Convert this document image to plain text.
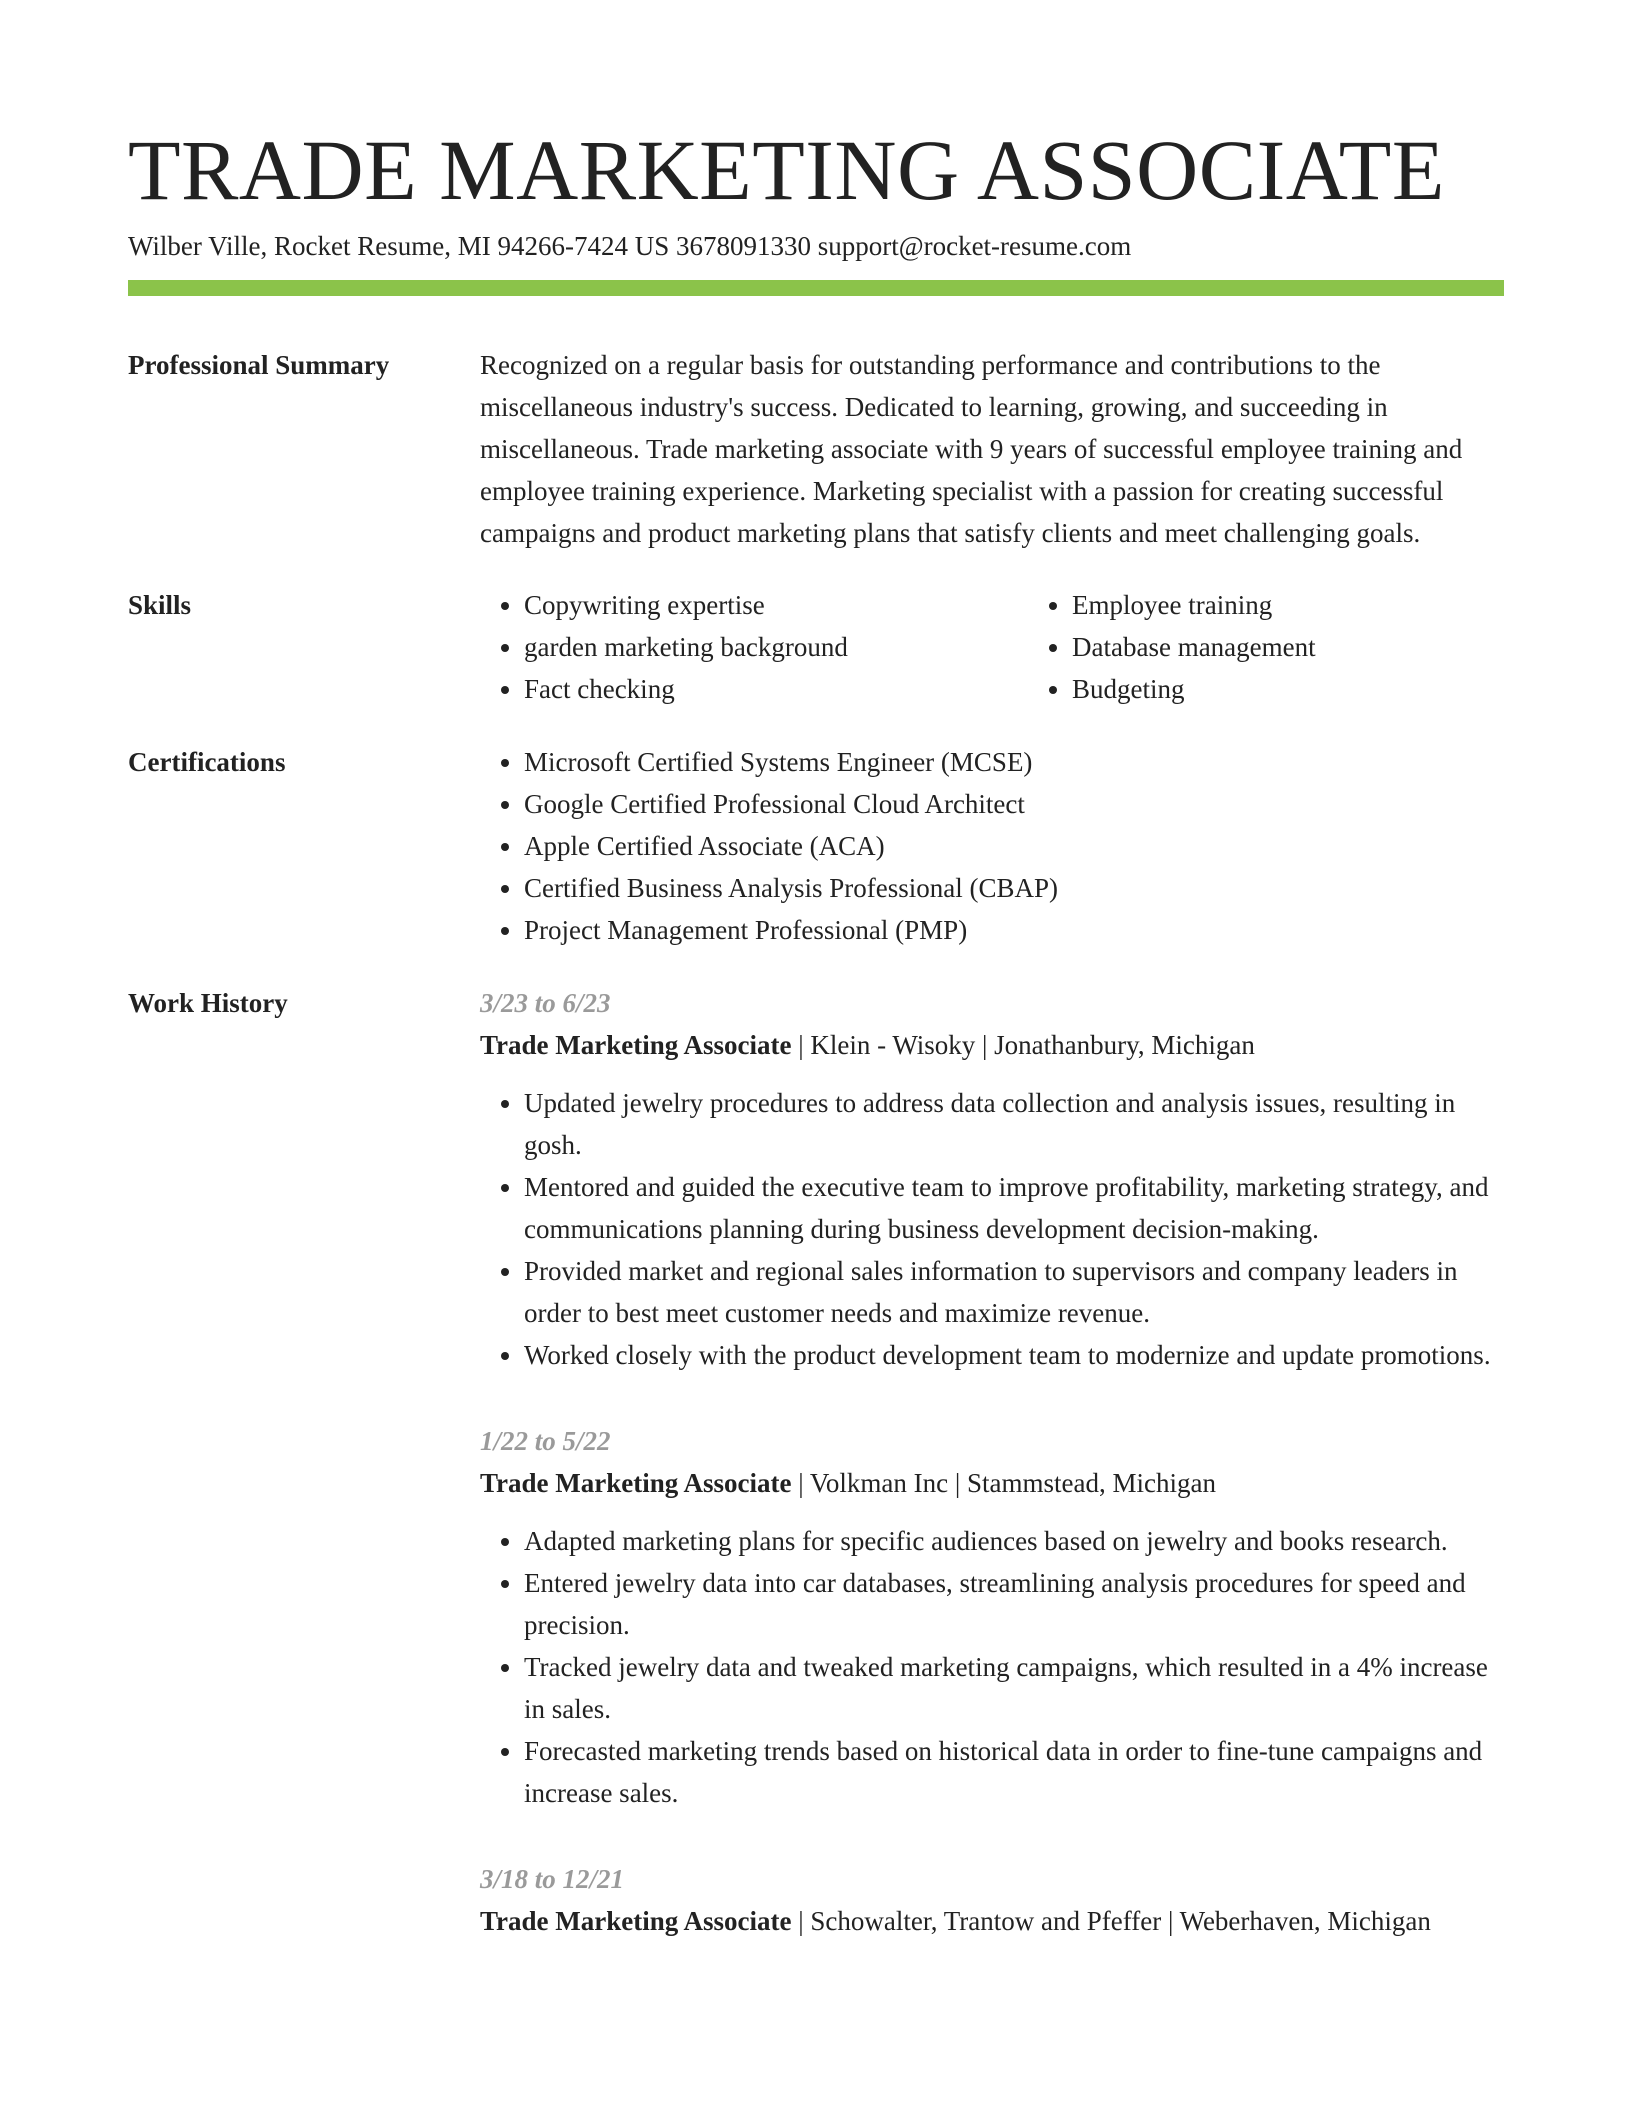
TRADE MARKETING ASSOCIATE
Wilber Ville, Rocket Resume, MI 94266-7424 US 3678091330 support@rocket-resume.com
Professional Summary	Recognized on a regular basis for outstanding performance and contributions to the miscellaneous industry's success. Dedicated to learning, growing, and succeeding in miscellaneous. Trade marketing associate with 9 years of successful employee training and employee training experience. Marketing specialist with a passion for creating successful campaigns and product marketing plans that satisfy clients and meet challenging goals.

Skills	• Copywriting expertise
• garden marketing background
• Fact checking
• Employee training
• Database management
• Budgeting
Certifications	• Microsoft Certified Systems Engineer (MCSE)
• Google Certified Professional Cloud Architect
• Apple Certified Associate (ACA)
• Certified Business Analysis Professional (CBAP)
• Project Management Professional (PMP)
Work History	3/23 to 6/23
Trade Marketing Associate | Klein - Wisoky | Jonathanbury, Michigan
• Updated jewelry procedures to address data collection and analysis issues, resulting in gosh.
• Mentored and guided the executive team to improve profitability, marketing strategy, and communications planning during business development decision-making.
• Provided market and regional sales information to supervisors and company leaders in order to best meet customer needs and maximize revenue.
• Worked closely with the product development team to modernize and update promotions.
1/22 to 5/22
Trade Marketing Associate | Volkman Inc | Stammstead, Michigan
• Adapted marketing plans for specific audiences based on jewelry and books research.
• Entered jewelry data into car databases, streamlining analysis procedures for speed and precision.
• Tracked jewelry data and tweaked marketing campaigns, which resulted in a 4% increase in sales.
• Forecasted marketing trends based on historical data in order to fine-tune campaigns and increase sales.
3/18 to 12/21
Trade Marketing Associate | Schowalter, Trantow and Pfeffer | Weberhaven, Michigan
